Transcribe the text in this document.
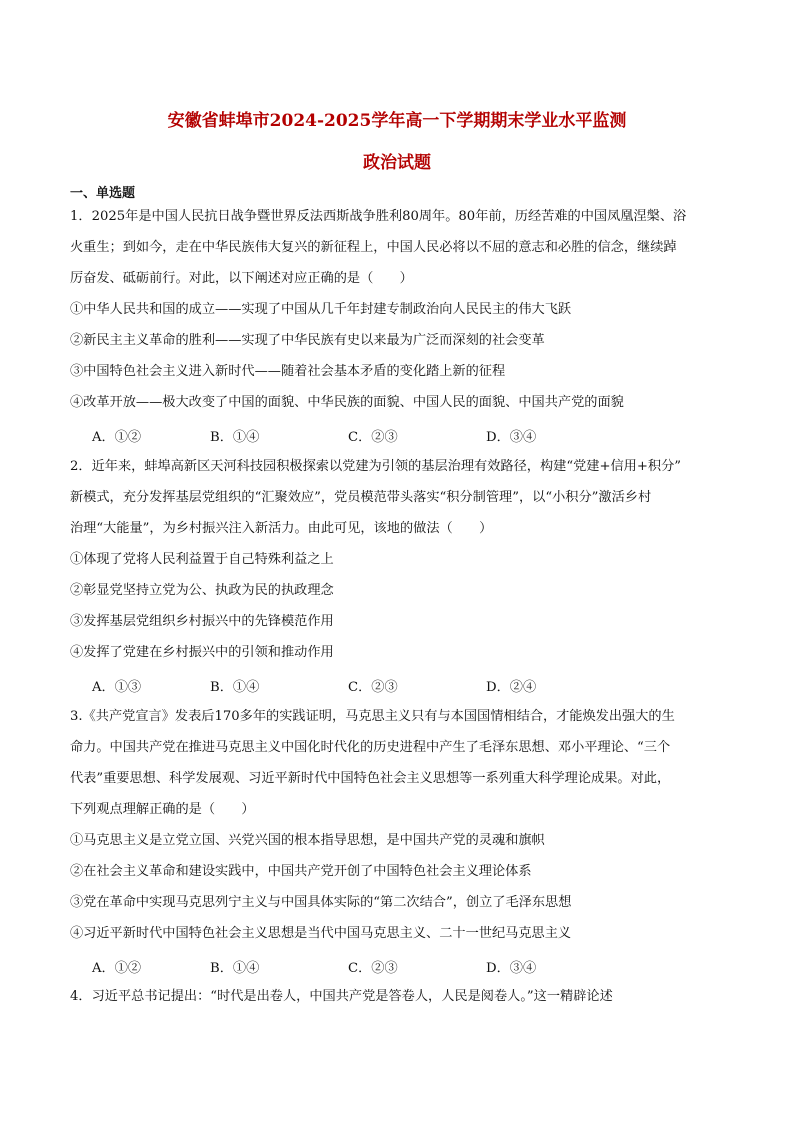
安徽省蚌埠市2024-2025学年高一下学期期末学业水平监测
政治试题
一、单选题
1．2025年是中国人民抗日战争暨世界反法西斯战争胜利80周年。80年前，历经苦难的中国凤凰涅槃、浴
火重生；到如今，走在中华民族伟大复兴的新征程上，中国人民必将以不屈的意志和必胜的信念，继续踔
厉奋发、砥砺前行。对此，以下阐述对应正确的是（　　）
①中华人民共和国的成立——实现了中国从几千年封建专制政治向人民民主的伟大飞跃
②新民主主义革命的胜利——实现了中华民族有史以来最为广泛而深刻的社会变革
③中国特色社会主义进入新时代——随着社会基本矛盾的变化踏上新的征程
④改革开放——极大改变了中国的面貌、中华民族的面貌、中国人民的面貌、中国共产党的面貌
A．①②	B．①④	C．②③	D．③④
2．近年来，蚌埠高新区天河科技园积极探索以党建为引领的基层治理有效路径，构建“党建+信用+积分”
新模式，充分发挥基层党组织的“汇聚效应”，党员模范带头落实“积分制管理”，以“小积分”激活乡村
治理“大能量”，为乡村振兴注入新活力。由此可见，该地的做法（　　）
①体现了党将人民利益置于自己特殊利益之上
②彰显党坚持立党为公、执政为民的执政理念
③发挥基层党组织乡村振兴中的先锋模范作用
④发挥了党建在乡村振兴中的引领和推动作用
A．①③	B．①④	C．②③	D．②④
3.《共产党宣言》发表后170多年的实践证明，马克思主义只有与本国国情相结合，才能焕发出强大的生
命力。中国共产党在推进马克思主义中国化时代化的历史进程中产生了毛泽东思想、邓小平理论、“三个
代表”重要思想、科学发展观、习近平新时代中国特色社会主义思想等一系列重大科学理论成果。对此，
下列观点理解正确的是（　　）
①马克思主义是立党立国、兴党兴国的根本指导思想，是中国共产党的灵魂和旗帜
②在社会主义革命和建设实践中，中国共产党开创了中国特色社会主义理论体系
③党在革命中实现马克思列宁主义与中国具体实际的“第二次结合”，创立了毛泽东思想
④习近平新时代中国特色社会主义思想是当代中国马克思主义、二十一世纪马克思主义
A．①②	B．①④	C．②③	D．③④
4．习近平总书记提出：“时代是出卷人，中国共产党是答卷人，人民是阅卷人。”这一精辟论述
